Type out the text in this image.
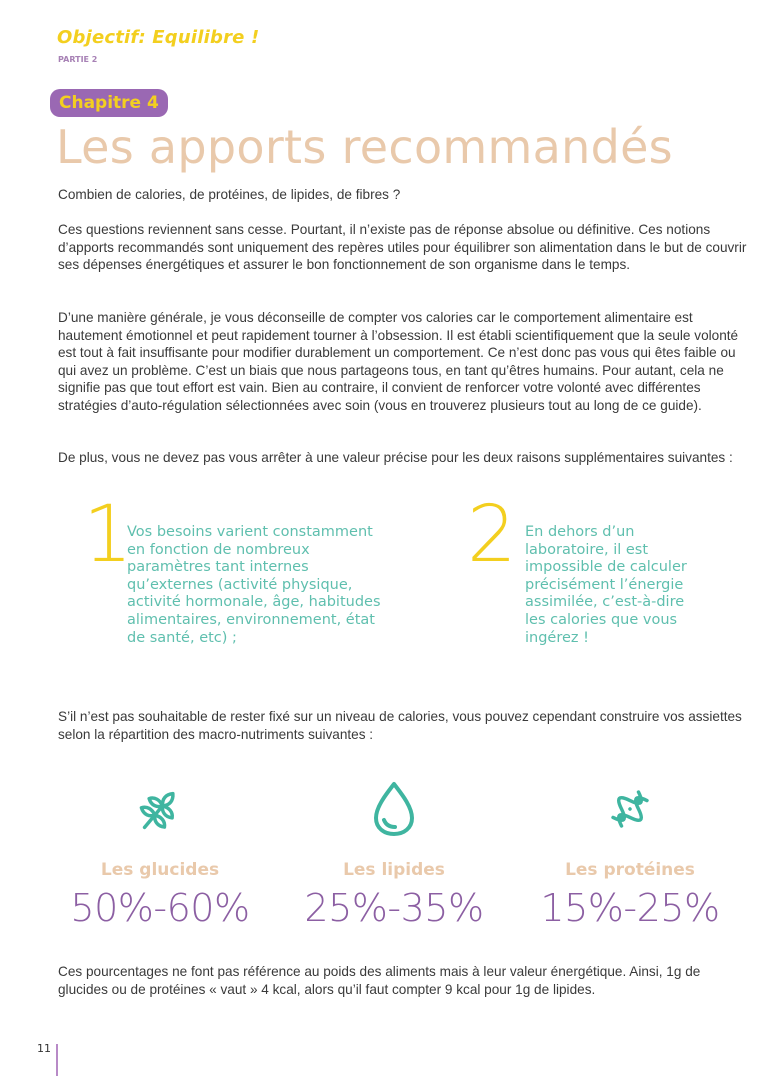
Objectif: Equilibre !
PARTIE 2
Chapitre 4
Les apports recommandés

Combien de calories, de protéines, de lipides, de fibres ?

Ces questions reviennent sans cesse. Pourtant, il n’existe pas de réponse absolue ou définitive. Ces notions d’apports recommandés sont uniquement des repères utiles pour équilibrer son alimentation dans le but de couvrir ses dépenses énergétiques et assurer le bon fonctionnement de son organisme dans le temps.

D’une manière générale, je vous déconseille de compter vos calories car le comportement alimentaire est hautement émotionnel et peut rapidement tourner à l’obsession. Il est établi scientifiquement que la seule volonté est tout à fait insuffisante pour modifier durablement un comportement. Ce n’est donc pas vous qui êtes faible ou qui avez un problème. C’est un biais que nous partageons tous, en tant qu’êtres humains. Pour autant, cela ne signifie pas que tout effort est vain. Bien au contraire, il convient de renforcer votre volonté avec différentes stratégies d’auto-régulation sélectionnées avec soin (vous en trouverez plusieurs tout au long de ce guide).

De plus, vous ne devez pas vous arrêter à une valeur précise pour les deux raisons supplémentaires suivantes :

1

Vos besoins varient constamment en fonction de nombreux paramètres tant internes qu’externes (activité physique, activité hormonale, âge, habitudes alimentaires, environnement, état de santé, etc) ;

2 En dehors d’un laboratoire, il est impossible de calculer précisément l’énergie assimilée, c’est-à-dire les calories que vous ingérez !

S’il n’est pas souhaitable de rester fixé sur un niveau de calories, vous pouvez cependant construire vos assiettes selon la répartition des macro-nutriments suivantes :

Les glucides
50%-60%
Les lipides
25%-35%
Les protéines
15%-25%

Ces pourcentages ne font pas référence au poids des aliments mais à leur valeur énergétique. Ainsi, 1g de glucides ou de protéines « vaut » 4 kcal, alors qu’il faut compter 9 kcal pour 1g de lipides.

11
